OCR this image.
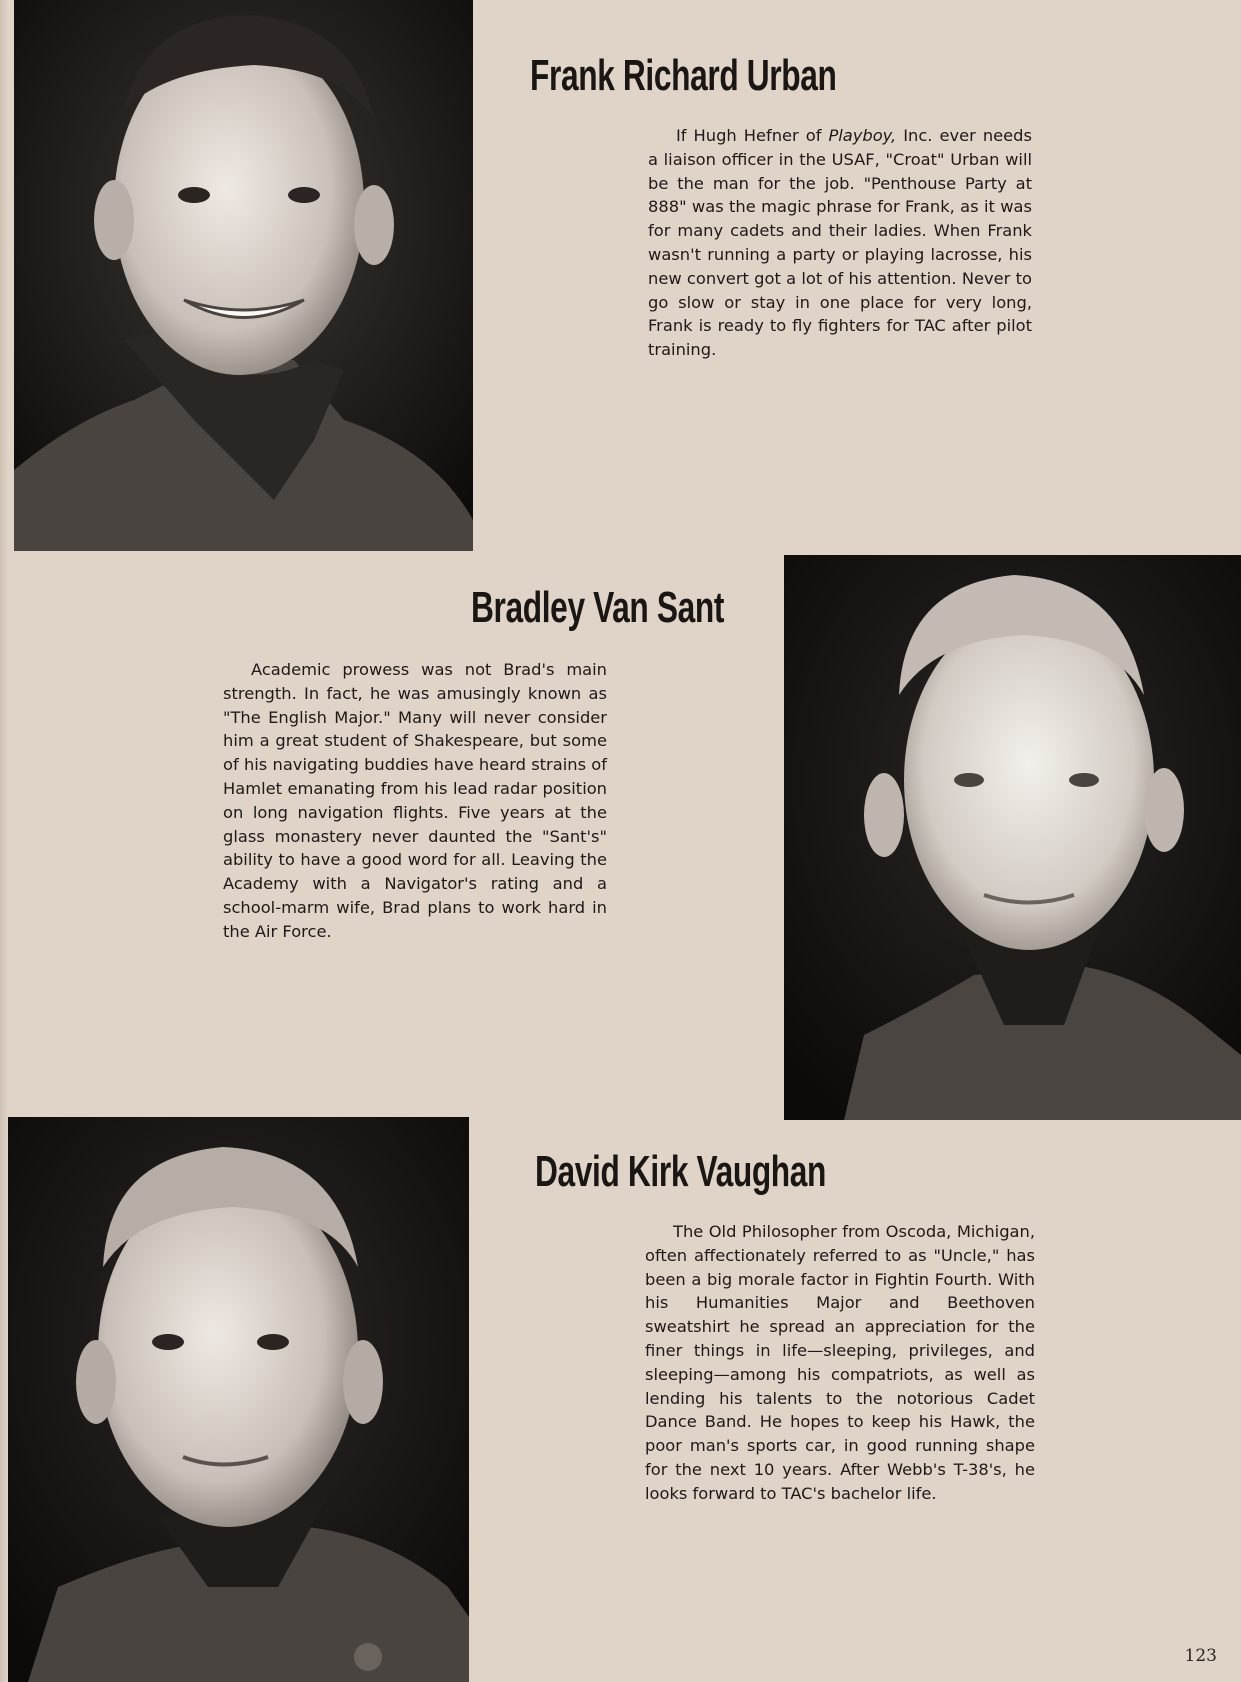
Frank Richard Urban

If Hugh Hefner of Playboy, Inc. ever needs a liaison officer in the USAF, "Croat" Urban will be the man for the job. "Penthouse Party at 888" was the magic phrase for Frank, as it was for many cadets and their ladies. When Frank wasn't running a party or playing lacrosse, his new convert got a lot of his attention. Never to go slow or stay in one place for very long, Frank is ready to fly fighters for TAC after pilot training.

Bradley Van Sant

Academic prowess was not Brad's main strength. In fact, he was amusingly known as "The English Major." Many will never consider him a great student of Shakespeare, but some of his navigating buddies have heard strains of Hamlet emanating from his lead radar position on long navigation flights. Five years at the glass monastery never daunted the "Sant's" ability to have a good word for all. Leaving the Academy with a Navigator's rating and a school-marm wife, Brad plans to work hard in the Air Force.

David Kirk Vaughan

The Old Philosopher from Oscoda, Michigan, often affectionately referred to as "Uncle," has been a big morale factor in Fightin Fourth. With his Humanities Major and Beethoven sweatshirt he spread an appreciation for the finer things in life—sleeping, privileges, and sleeping—among his compatriots, as well as lending his talents to the notorious Cadet Dance Band. He hopes to keep his Hawk, the poor man's sports car, in good running shape for the next 10 years. After Webb's T-38's, he looks forward to TAC's bachelor life.

123
